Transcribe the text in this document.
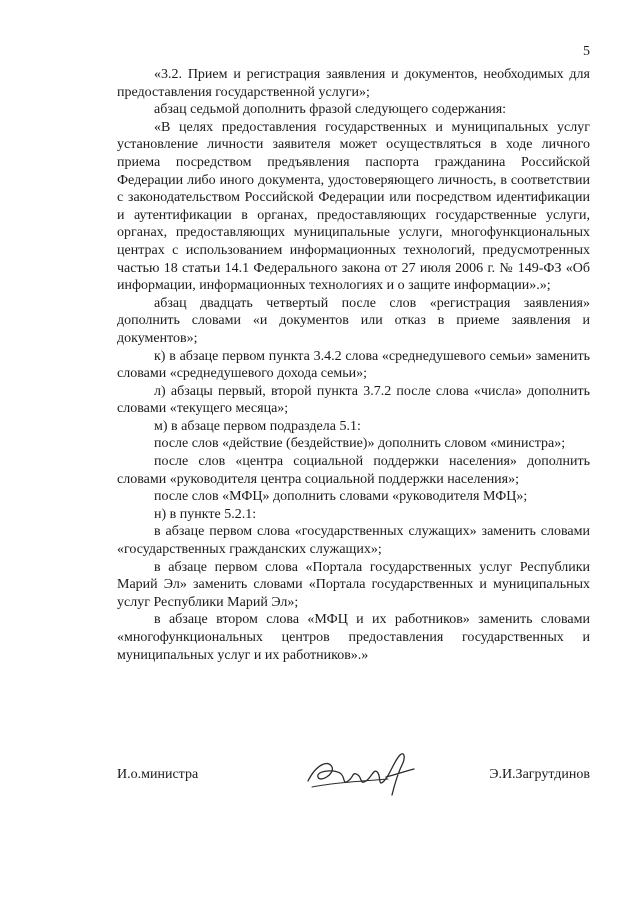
5

«3.2. Прием и регистрация заявления и документов, необходимых для предоставления государственной услуги»;

абзац седьмой дополнить фразой следующего содержания:

«В целях предоставления государственных и муниципальных услуг установление личности заявителя может осуществляться в ходе личного приема посредством предъявления паспорта гражданина Российской Федерации либо иного документа, удостоверяющего личность, в соответствии с законодательством Российской Федерации или посредством идентификации и аутентификации в органах, предоставляющих государственные услуги, органах, предоставляющих муниципальные услуги, многофункциональных центрах с использованием информационных технологий, предусмотренных частью 18 статьи 14.1 Федерального закона от 27 июля 2006 г. № 149-ФЗ «Об информации, информационных технологиях и о защите информации».»;

абзац двадцать четвертый после слов «регистрация заявления» дополнить словами «и документов или отказ в приеме заявления и документов»;

к) в абзаце первом пункта 3.4.2 слова «среднедушевого семьи» заменить словами «среднедушевого дохода семьи»;

л) абзацы первый, второй пункта 3.7.2 после слова «числа» дополнить словами «текущего месяца»;

м) в абзаце первом подраздела 5.1:

после слов «действие (бездействие)» дополнить словом «министра»;

после слов «центра социальной поддержки населения» дополнить словами «руководителя центра социальной поддержки населения»;

после слов «МФЦ» дополнить словами «руководителя МФЦ»;

н) в пункте 5.2.1:

в абзаце первом слова «государственных служащих» заменить словами «государственных гражданских служащих»;

в абзаце первом слова «Портала государственных услуг Республики Марий Эл» заменить словами «Портала государственных и муниципальных услуг Республики Марий Эл»;

в абзаце втором слова «МФЦ и их работников» заменить словами «многофункциональных центров предоставления государственных и муниципальных услуг и их работников».»

И.о.министра	Э.И.Загрутдинов
